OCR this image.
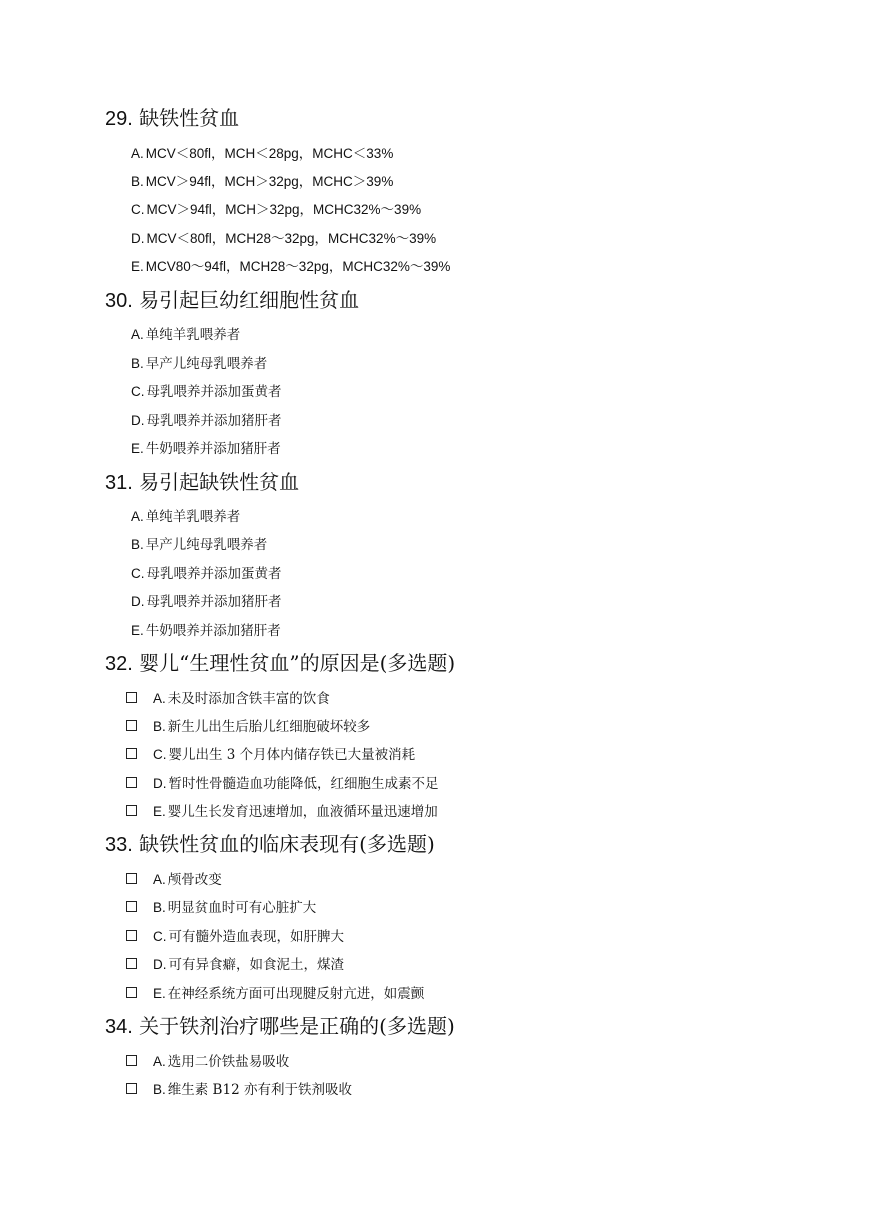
29. 缺铁性贫血
A. MCV＜80fl，MCH＜28pg，MCHC＜33%
B. MCV＞94fl，MCH＞32pg，MCHC＞39%
C. MCV＞94fl，MCH＞32pg，MCHC32%～39%
D. MCV＜80fl，MCH28～32pg，MCHC32%～39%
E. MCV80～94fl，MCH28～32pg，MCHC32%～39%
30. 易引起巨幼红细胞性贫血
A. 单纯羊乳喂养者
B. 早产儿纯母乳喂养者
C. 母乳喂养并添加蛋黄者
D. 母乳喂养并添加猪肝者
E. 牛奶喂养并添加猪肝者
31. 易引起缺铁性贫血
A. 单纯羊乳喂养者
B. 早产儿纯母乳喂养者
C. 母乳喂养并添加蛋黄者
D. 母乳喂养并添加猪肝者
E. 牛奶喂养并添加猪肝者
32. 婴儿“生理性贫血”的原因是(多选题)
A. 未及时添加含铁丰富的饮食
B. 新生儿出生后胎儿红细胞破坏较多
C. 婴儿出生 3 个月体内储存铁已大量被消耗
D. 暂时性骨髓造血功能降低，红细胞生成素不足
E. 婴儿生长发育迅速增加，血液循环量迅速增加
33. 缺铁性贫血的临床表现有(多选题)
A. 颅骨改变
B. 明显贫血时可有心脏扩大
C. 可有髓外造血表现，如肝脾大
D. 可有异食癖，如食泥土，煤渣
E. 在神经系统方面可出现腱反射亢进，如震颤
34. 关于铁剂治疗哪些是正确的(多选题)
A. 选用二价铁盐易吸收
B. 维生素 B12 亦有利于铁剂吸收
